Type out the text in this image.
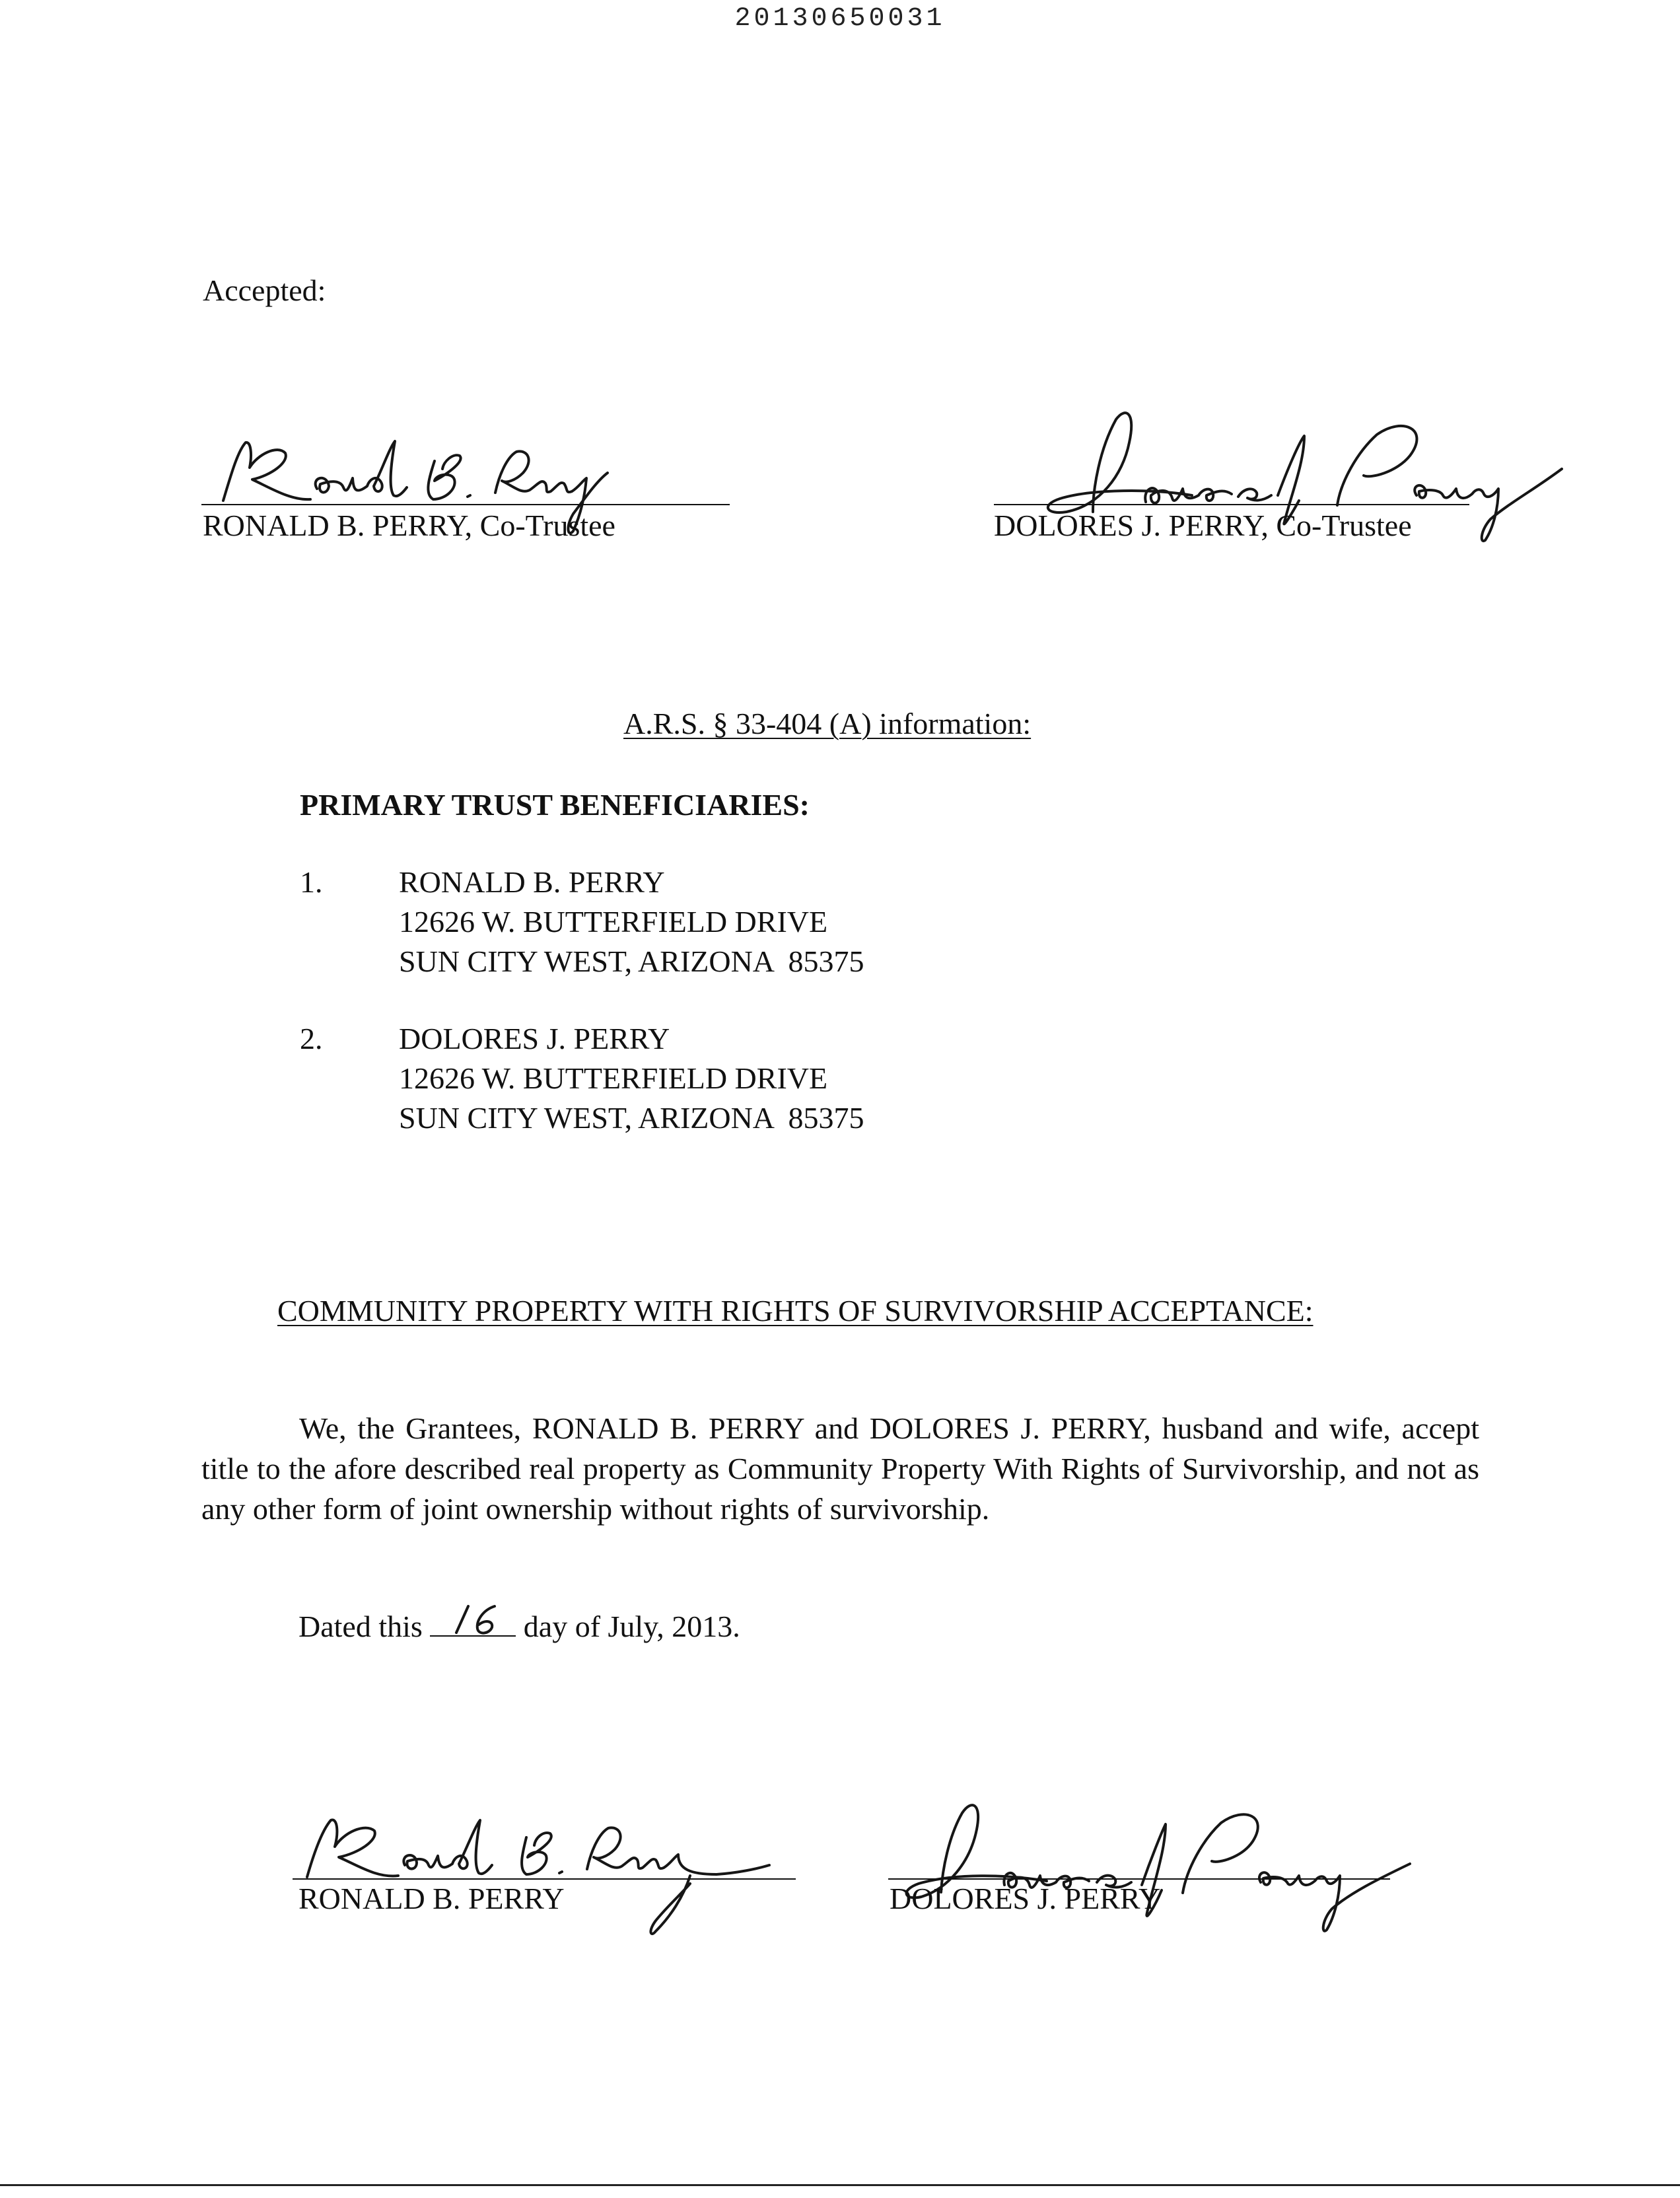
20130650031
Accepted:
RONALD B. PERRY, Co-Trustee	DOLORES J. PERRY, Co-Trustee
A.R.S. § 33-404 (A) information:
PRIMARY TRUST BENEFICIARIES:
1.	RONALD B. PERRY
12626 W. BUTTERFIELD DRIVE
SUN CITY WEST, ARIZONA  85375
2.	DOLORES J. PERRY
12626 W. BUTTERFIELD DRIVE
SUN CITY WEST, ARIZONA  85375
COMMUNITY PROPERTY WITH RIGHTS OF SURVIVORSHIP ACCEPTANCE:
We, the Grantees, RONALD B. PERRY and DOLORES J. PERRY, husband and wife, accept title to the afore described real property as Community Property With Rights of Survivorship, and not as any other form of joint ownership without rights of survivorship.
Dated this	day of July, 2013.
RONALD B. PERRY	DOLORES J. PERRY
